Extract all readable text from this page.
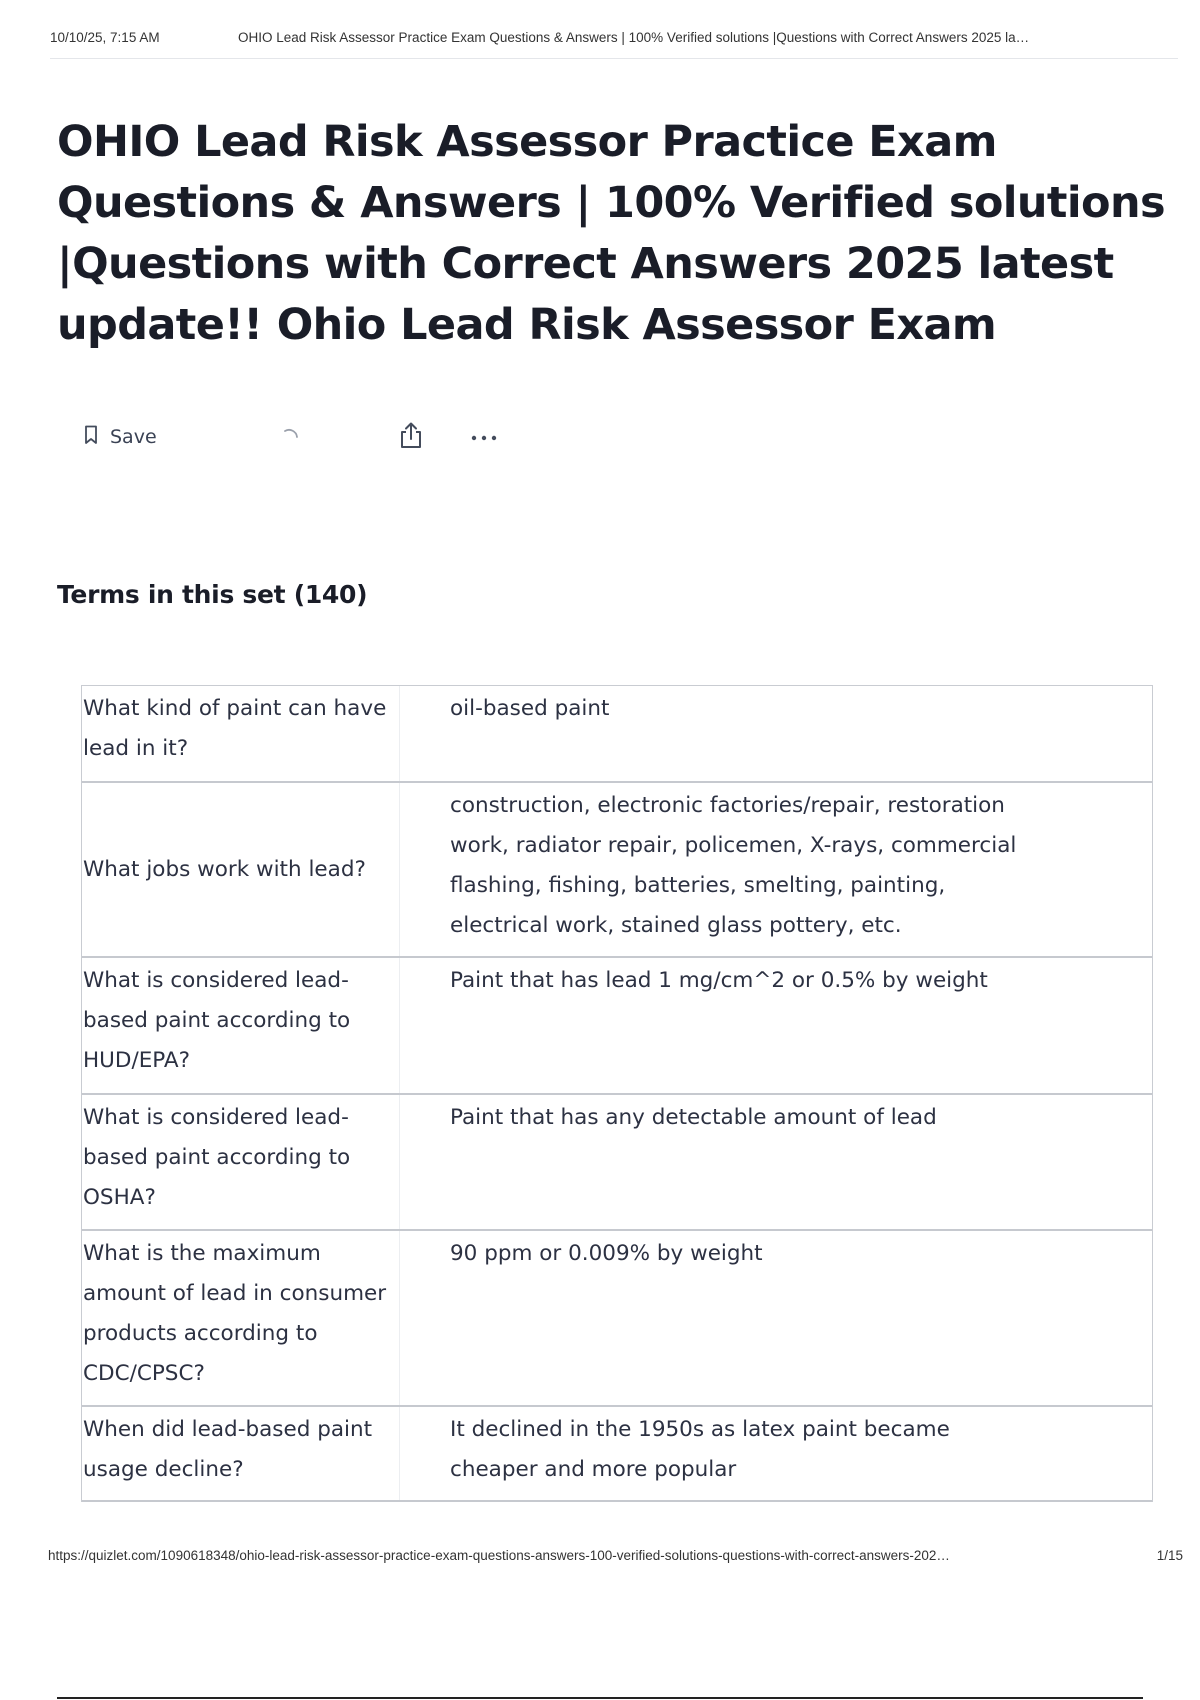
10/10/25, 7:15 AM	OHIO Lead Risk Assessor Practice Exam Questions & Answers | 100% Verified solutions |Questions with Correct Answers 2025 la…
OHIO Lead Risk Assessor Practice Exam Questions & Answers | 100% Verified solutions |Questions with Correct Answers 2025 latest update!! Ohio Lead Risk Assessor Exam
Save
Terms in this set (140)
What kind of paint can have lead in it?
oil-based paint
What jobs work with lead?
construction, electronic factories/repair, restoration work, radiator repair, policemen, X-rays, commercial flashing, fishing, batteries, smelting, painting, electrical work, stained glass pottery, etc.
What is considered lead-based paint according to HUD/EPA?
Paint that has lead 1 mg/cm^2 or 0.5% by weight
What is considered lead-based paint according to OSHA?
Paint that has any detectable amount of lead
What is the maximum amount of lead in consumer products according to CDC/CPSC?
90 ppm or 0.009% by weight
When did lead-based paint usage decline?
It declined in the 1950s as latex paint became cheaper and more popular
https://quizlet.com/1090618348/ohio-lead-risk-assessor-practice-exam-questions-answers-100-verified-solutions-questions-with-correct-answers-202…	1/15
